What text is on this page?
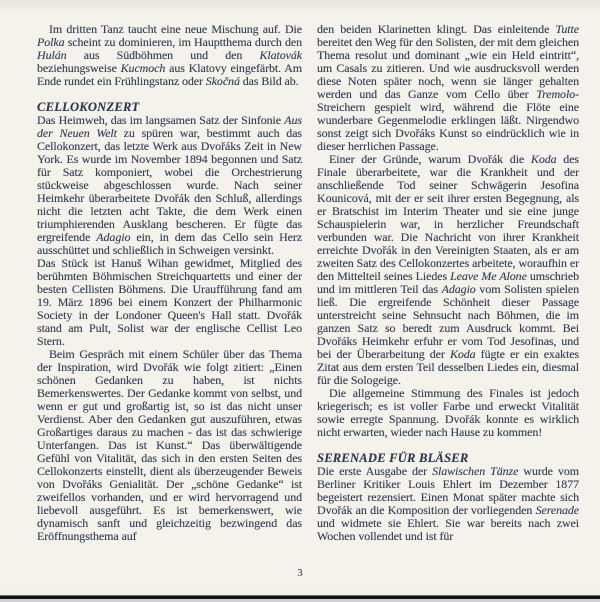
Im dritten Tanz taucht eine neue Mischung auf. Die Polka scheint zu dominieren, im Hauptthema durch den Hulán aus Südböhmen und den Klatovák beziehungsweise Kucmoch aus Klatovy eingefärbt. Am Ende rundet ein Frühlingstanz oder Skočná das Bild ab.

CELLOKONZERT

Das Heimweh, das im langsamen Satz der Sinfonie Aus der Neuen Welt zu spüren war, bestimmt auch das Cellokonzert, das letzte Werk aus Dvořáks Zeit in New York. Es wurde im November 1894 begonnen und Satz für Satz komponiert, wobei die Orchestrierung stückweise abgeschlossen wurde. Nach seiner Heimkehr überarbeitete Dvořák den Schluß, allerdings nicht die letzten acht Takte, die dem Werk einen triumphierenden Ausklang bescheren. Er fügte das ergreifende Adagio ein, in dem das Cello sein Herz ausschüttet und schließlich in Schweigen versinkt.

Das Stück ist Hanuš Wihan gewidmet, Mitglied des berühmten Böhmischen Streichquartetts und einer der besten Cellisten Böhmens. Die Uraufführung fand am 19. März 1896 bei einem Konzert der Philharmonic Society in der Londoner Queen's Hall statt. Dvořák stand am Pult, Solist war der englische Cellist Leo Stern.

Beim Gespräch mit einem Schüler über das Thema der Inspiration, wird Dvořák wie folgt zitiert: „Einen schönen Gedanken zu haben, ist nichts Bemerkenswertes. Der Gedanke kommt von selbst, und wenn er gut und großartig ist, so ist das nicht unser Verdienst. Aber den Gedanken gut auszuführen, etwas Großartiges daraus zu machen - das ist das schwierige Unterfangen. Das ist Kunst.“ Das überwältigende Gefühl von Vitalität, das sich in den ersten Seiten des Cellokonzerts einstellt, dient als überzeugender Beweis von Dvořáks Genialität. Der „schöne Gedanke“ ist zweifellos vorhanden, und er wird hervorragend und liebevoll ausgeführt. Es ist bemerkenswert, wie dynamisch sanft und gleichzeitig bezwingend das Eröffnungsthema auf

den beiden Klarinetten klingt. Das einleitende Tutte bereitet den Weg für den Solisten, der mit dem gleichen Thema resolut und dominant „wie ein Held eintritt“, um Casals zu zitieren. Und wie ausdrucksvoll werden diese Noten später noch, wenn sie länger gehalten werden und das Ganze vom Cello über Tremolo-Streichern gespielt wird, während die Flöte eine wunderbare Gegenmelodie erklingen läßt. Nirgendwo sonst zeigt sich Dvořáks Kunst so eindrücklich wie in dieser herrlichen Passage.

Einer der Gründe, warum Dvořák die Koda des Finale überarbeitete, war die Krankheit und der anschließende Tod seiner Schwägerin Jesofina Kounicová, mit der er seit ihrer ersten Begegnung, als er Bratschist im Interim Theater und sie eine junge Schauspielerin war, in herzlicher Freundschaft verbunden war. Die Nachricht von ihrer Krankheit erreichte Dvořák in den Vereinigten Staaten, als er am zweiten Satz des Cellokonzertes arbeitete, woraufhin er den Mittelteil seines Liedes Leave Me Alone umschrieb und im mittleren Teil das Adagio vom Solisten spielen ließ. Die ergreifende Schönheit dieser Passage unterstreicht seine Sehnsucht nach Böhmen, die im ganzen Satz so beredt zum Ausdruck kommt. Bei Dvořáks Heimkehr erfuhr er vom Tod Jesofinas, und bei der Überarbeitung der Koda fügte er ein exaktes Zitat aus dem ersten Teil desselben Liedes ein, diesmal für die Sologeige.

Die allgemeine Stimmung des Finales ist jedoch kriegerisch; es ist voller Farbe und erweckt Vitalität sowie erregte Spannung. Dvořák konnte es wirklich nicht erwarten, wieder nach Hause zu kommen!

SERENADE FÜR BLÄSER

Die erste Ausgabe der Slawischen Tänze wurde vom Berliner Kritiker Louis Ehlert im Dezember 1877 begeistert rezensiert. Einen Monat später machte sich Dvořák an die Komposition der vorliegenden Serenade und widmete sie Ehlert. Sie war bereits nach zwei Wochen vollendet und ist für

3
